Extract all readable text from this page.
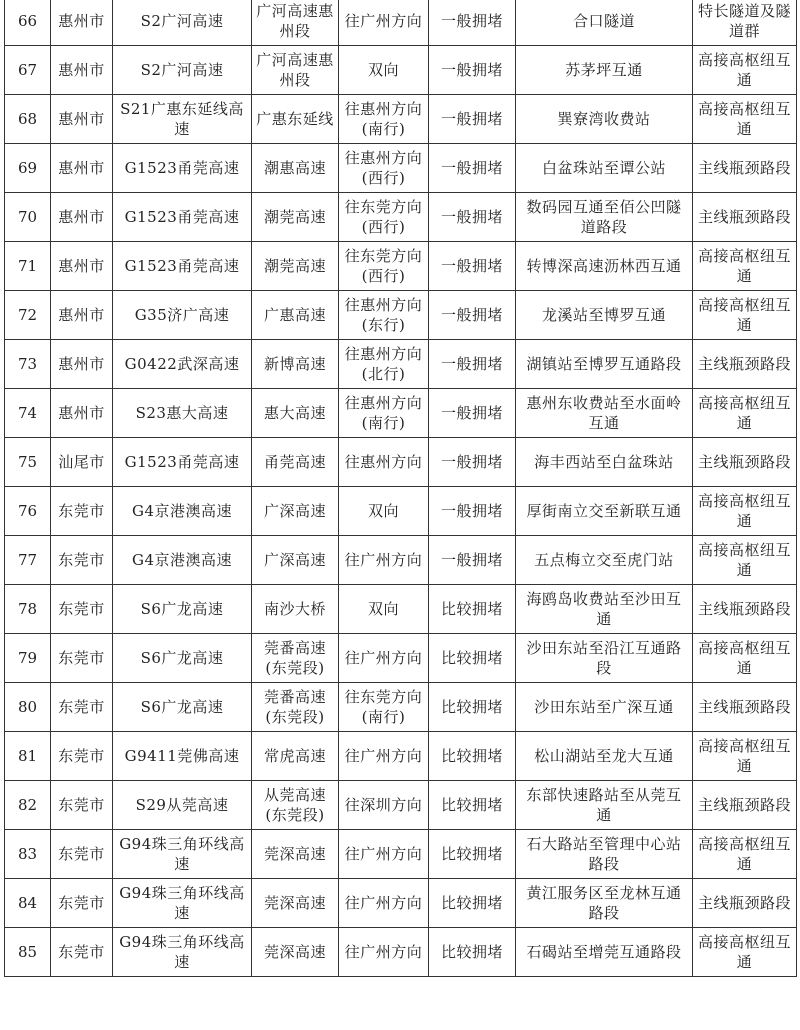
66	惠州市	S2广河高速	广河高速惠州段	往广州方向	一般拥堵	合口隧道	特长隧道及隧道群
67	惠州市	S2广河高速	广河高速惠州段	双向	一般拥堵	苏茅坪互通	高接高枢纽互通
68	惠州市	S21广惠东延线高速	广惠东延线	往惠州方向(南行)	一般拥堵	巽寮湾收费站	高接高枢纽互通
69	惠州市	G1523甬莞高速	潮惠高速	往惠州方向(西行)	一般拥堵	白盆珠站至谭公站	主线瓶颈路段
70	惠州市	G1523甬莞高速	潮莞高速	往东莞方向(西行)	一般拥堵	数码园互通至佰公凹隧道路段	主线瓶颈路段
71	惠州市	G1523甬莞高速	潮莞高速	往东莞方向(西行)	一般拥堵	转博深高速沥林西互通	高接高枢纽互通
72	惠州市	G35济广高速	广惠高速	往惠州方向(东行)	一般拥堵	龙溪站至博罗互通	高接高枢纽互通
73	惠州市	G0422武深高速	新博高速	往惠州方向(北行)	一般拥堵	湖镇站至博罗互通路段	主线瓶颈路段
74	惠州市	S23惠大高速	惠大高速	往惠州方向(南行)	一般拥堵	惠州东收费站至水面岭互通	高接高枢纽互通
75	汕尾市	G1523甬莞高速	甬莞高速	往惠州方向	一般拥堵	海丰西站至白盆珠站	主线瓶颈路段
76	东莞市	G4京港澳高速	广深高速	双向	一般拥堵	厚街南立交至新联互通	高接高枢纽互通
77	东莞市	G4京港澳高速	广深高速	往广州方向	一般拥堵	五点梅立交至虎门站	高接高枢纽互通
78	东莞市	S6广龙高速	南沙大桥	双向	比较拥堵	海鸥岛收费站至沙田互通	主线瓶颈路段
79	东莞市	S6广龙高速	莞番高速(东莞段)	往广州方向	比较拥堵	沙田东站至沿江互通路段	高接高枢纽互通
80	东莞市	S6广龙高速	莞番高速(东莞段)	往东莞方向(南行)	比较拥堵	沙田东站至广深互通	主线瓶颈路段
81	东莞市	G9411莞佛高速	常虎高速	往广州方向	比较拥堵	松山湖站至龙大互通	高接高枢纽互通
82	东莞市	S29从莞高速	从莞高速(东莞段)	往深圳方向	比较拥堵	东部快速路站至从莞互通	主线瓶颈路段
83	东莞市	G94珠三角环线高速	莞深高速	往广州方向	比较拥堵	石大路站至管理中心站路段	高接高枢纽互通
84	东莞市	G94珠三角环线高速	莞深高速	往广州方向	比较拥堵	黄江服务区至龙林互通路段	主线瓶颈路段
85	东莞市	G94珠三角环线高速	莞深高速	往广州方向	比较拥堵	石碣站至增莞互通路段	高接高枢纽互通
